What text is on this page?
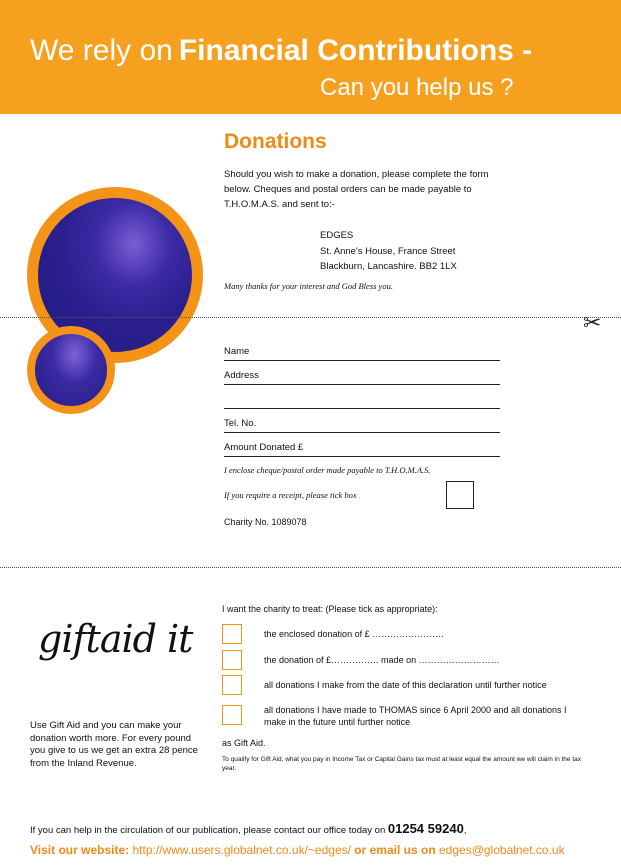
We rely on Financial Contributions -
Can you help us ?
Donations
Should you wish to make a donation, please complete the form below. Cheques and postal orders can be made payable to T.H.O.M.A.S. and sent to:-
EDGES
St. Anne's House, France Street
Blackburn, Lancashire. BB2 1LX
Many thanks for your interest and God Bless you.
✂
Name
Address
Tel. No.
Amount Donated £
I enclose cheque/postal order made payable to T.H.O.M.A.S.
If you require a receipt, please tick box
Charity No. 1089078
giftaid it
Use Gift Aid and you can make your donation worth more. For every pound you give to us we get an extra 28 pence from the Inland Revenue.
I want the charity to treat: (Please tick as appropriate):
the enclosed donation of £ ……………………
the donation of £……………. made on ………………………
all donations I make from the date of this declaration until further notice
all donations I have made to THOMAS since 6 April 2000 and all donations I make in the future until further notice
as Gift Aid.
To qualify for Gift Aid, what you pay in Income Tax or Capital Gains tax must at least equal the amount we will claim in the tax year.
If you can help in the circulation of our publication, please contact our office today on 01254 59240,
Visit our website: http://www.users.globalnet.co.uk/~edges/ or email us on edges@globalnet.co.uk
